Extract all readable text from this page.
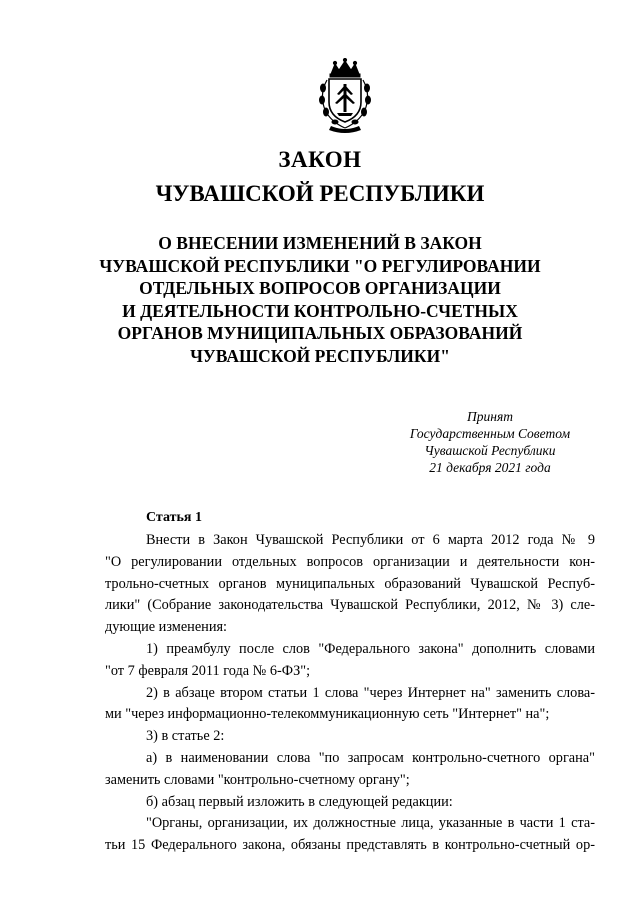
ЗАКОН
ЧУВАШСКОЙ РЕСПУБЛИКИ
О ВНЕСЕНИИ ИЗМЕНЕНИЙ В ЗАКОН
ЧУВАШСКОЙ РЕСПУБЛИКИ "О РЕГУЛИРОВАНИИ
ОТДЕЛЬНЫХ ВОПРОСОВ ОРГАНИЗАЦИИ
И ДЕЯТЕЛЬНОСТИ КОНТРОЛЬНО-СЧЕТНЫХ
ОРГАНОВ МУНИЦИПАЛЬНЫХ ОБРАЗОВАНИЙ
ЧУВАШСКОЙ РЕСПУБЛИКИ"
Принят
Государственным Советом
Чувашской Республики
21 декабря 2021 года
Статья 1
Внести в Закон Чувашской Республики от 6 марта 2012 года № 9
"О регулировании отдельных вопросов организации и деятельности кон-
трольно-счетных органов муниципальных образований Чувашской Респуб-
лики" (Собрание законодательства Чувашской Республики, 2012, № 3) сле-
дующие изменения:
1) преамбулу после слов "Федерального закона" дополнить словами
"от 7 февраля 2011 года № 6-ФЗ";
2) в абзаце втором статьи 1 слова "через Интернет на" заменить слова-
ми "через информационно-телекоммуникационную сеть "Интернет" на";
3) в статье 2:
а) в наименовании слова "по запросам контрольно-счетного органа"
заменить словами "контрольно-счетному органу";
б) абзац первый изложить в следующей редакции:
"Органы, организации, их должностные лица, указанные в части 1 ста-
тьи 15 Федерального закона, обязаны представлять в контрольно-счетный ор-
